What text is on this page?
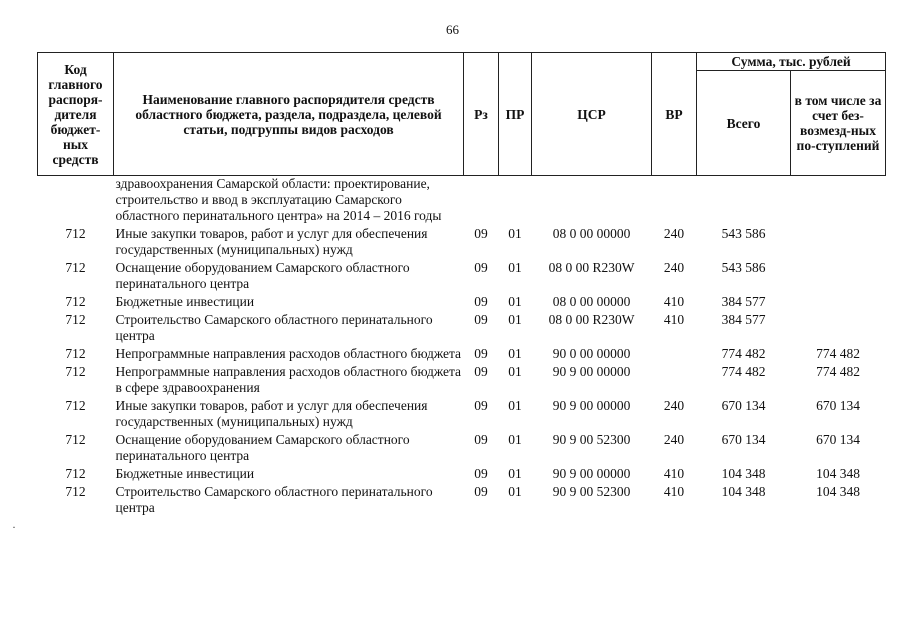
66
Код главного распоря-дителя бюджет-ных средств	Наименование главного распорядителя средств областного бюджета, раздела, подраздела, целевой статьи, подгруппы видов расходов	Рз	ПР	ЦСР	ВР	Сумма, тыс. рублей	
						Всего	в том числе за счет без-возмезд-ных по-ступлений
	здравоохранения Самарской области: проектирование, строительство и ввод в эксплуатацию Самарского областного перинатального центра» на 2014 – 2016 годы						
712	Иные закупки товаров, работ и услуг для обеспечения государственных (муниципальных) нужд	09	01	08 0 00 00000	240	543 586	
712	Оснащение оборудованием Самарского областного перинатального центра	09	01	08 0 00 R230W	240	543 586	
712	Бюджетные инвестиции	09	01	08 0 00 00000	410	384 577	
712	Строительство Самарского областного перинатального центра	09	01	08 0 00 R230W	410	384 577	
712	Непрограммные направления расходов областного бюджета	09	01	90 0 00 00000		774 482	774 482
712	Непрограммные направления расходов областного бюджета в сфере здравоохранения	09	01	90 9 00 00000		774 482	774 482
712	Иные закупки товаров, работ и услуг для обеспечения государственных (муниципальных) нужд	09	01	90 9 00 00000	240	670 134	670 134
712	Оснащение оборудованием Самарского областного перинатального центра	09	01	90 9 00 52300	240	670 134	670 134
712	Бюджетные инвестиции	09	01	90 9 00 00000	410	104 348	104 348
712	Строительство Самарского областного перинатального центра	09	01	90 9 00 52300	410	104 348	104 348
·
